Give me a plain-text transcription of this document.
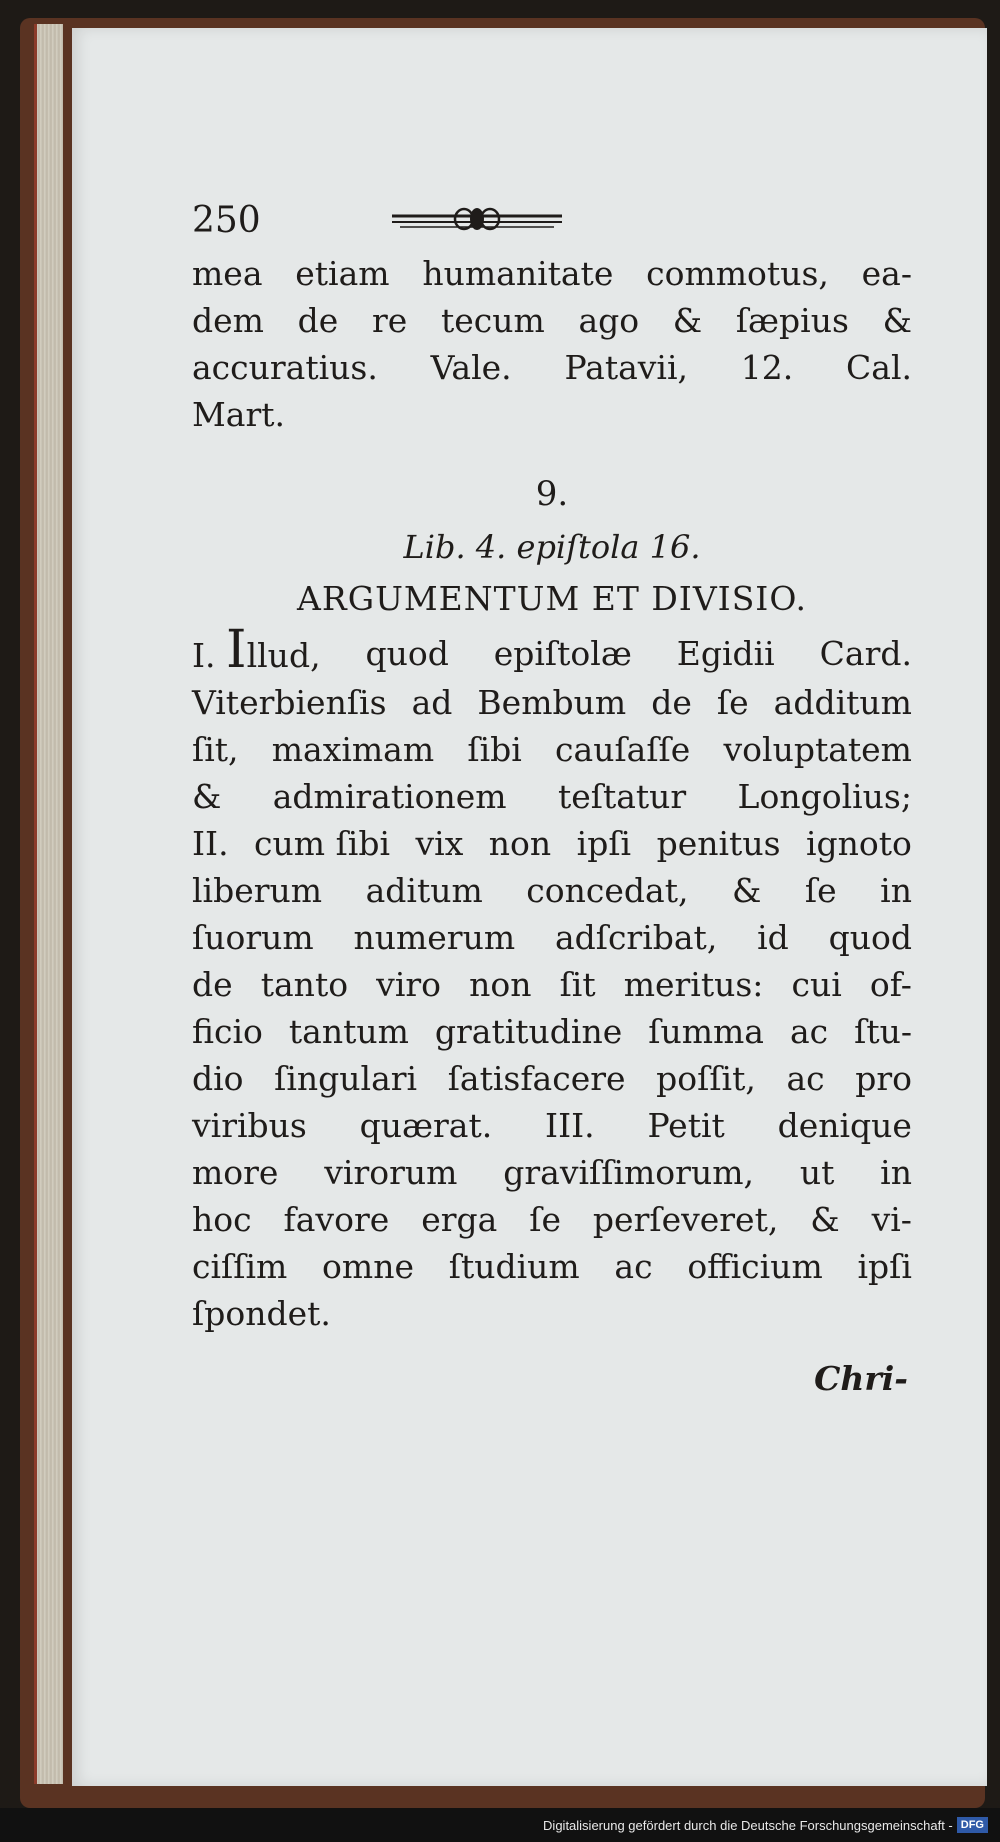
250
mea etiam humanitate commotus, ea-
dem de re tecum ago & ſæpius &
accuratius. Vale. Patavii, 12. Cal.
Mart.
9.
Lib. 4. epiſtola 16.
ARGUMENTUM ET DIVISIO.
I. Illud, quod epiſtolæ Egidii Card.
Viterbienſis ad Bembum de ſe additum
ſit, maximam ſibi cauſaſſe voluptatem
& admirationem teſtatur Longolius;
II. cum ſibi vix non ipſi penitus ignoto
liberum aditum concedat, & ſe in
ſuorum numerum adſcribat, id quod
de tanto viro non ſit meritus: cui of-
ficio tantum gratitudine ſumma ac ſtu-
dio ſingulari ſatisfacere poſſit, ac pro
viribus quærat. III. Petit denique
more virorum graviſſimorum, ut in
hoc favore erga ſe perſeveret, & vi-
ciſſim omne ſtudium ac officium ipſi
ſpondet.
Chri-
Digitalisierung gefördert durch die Deutsche Forschungsgemeinschaft - DFG
